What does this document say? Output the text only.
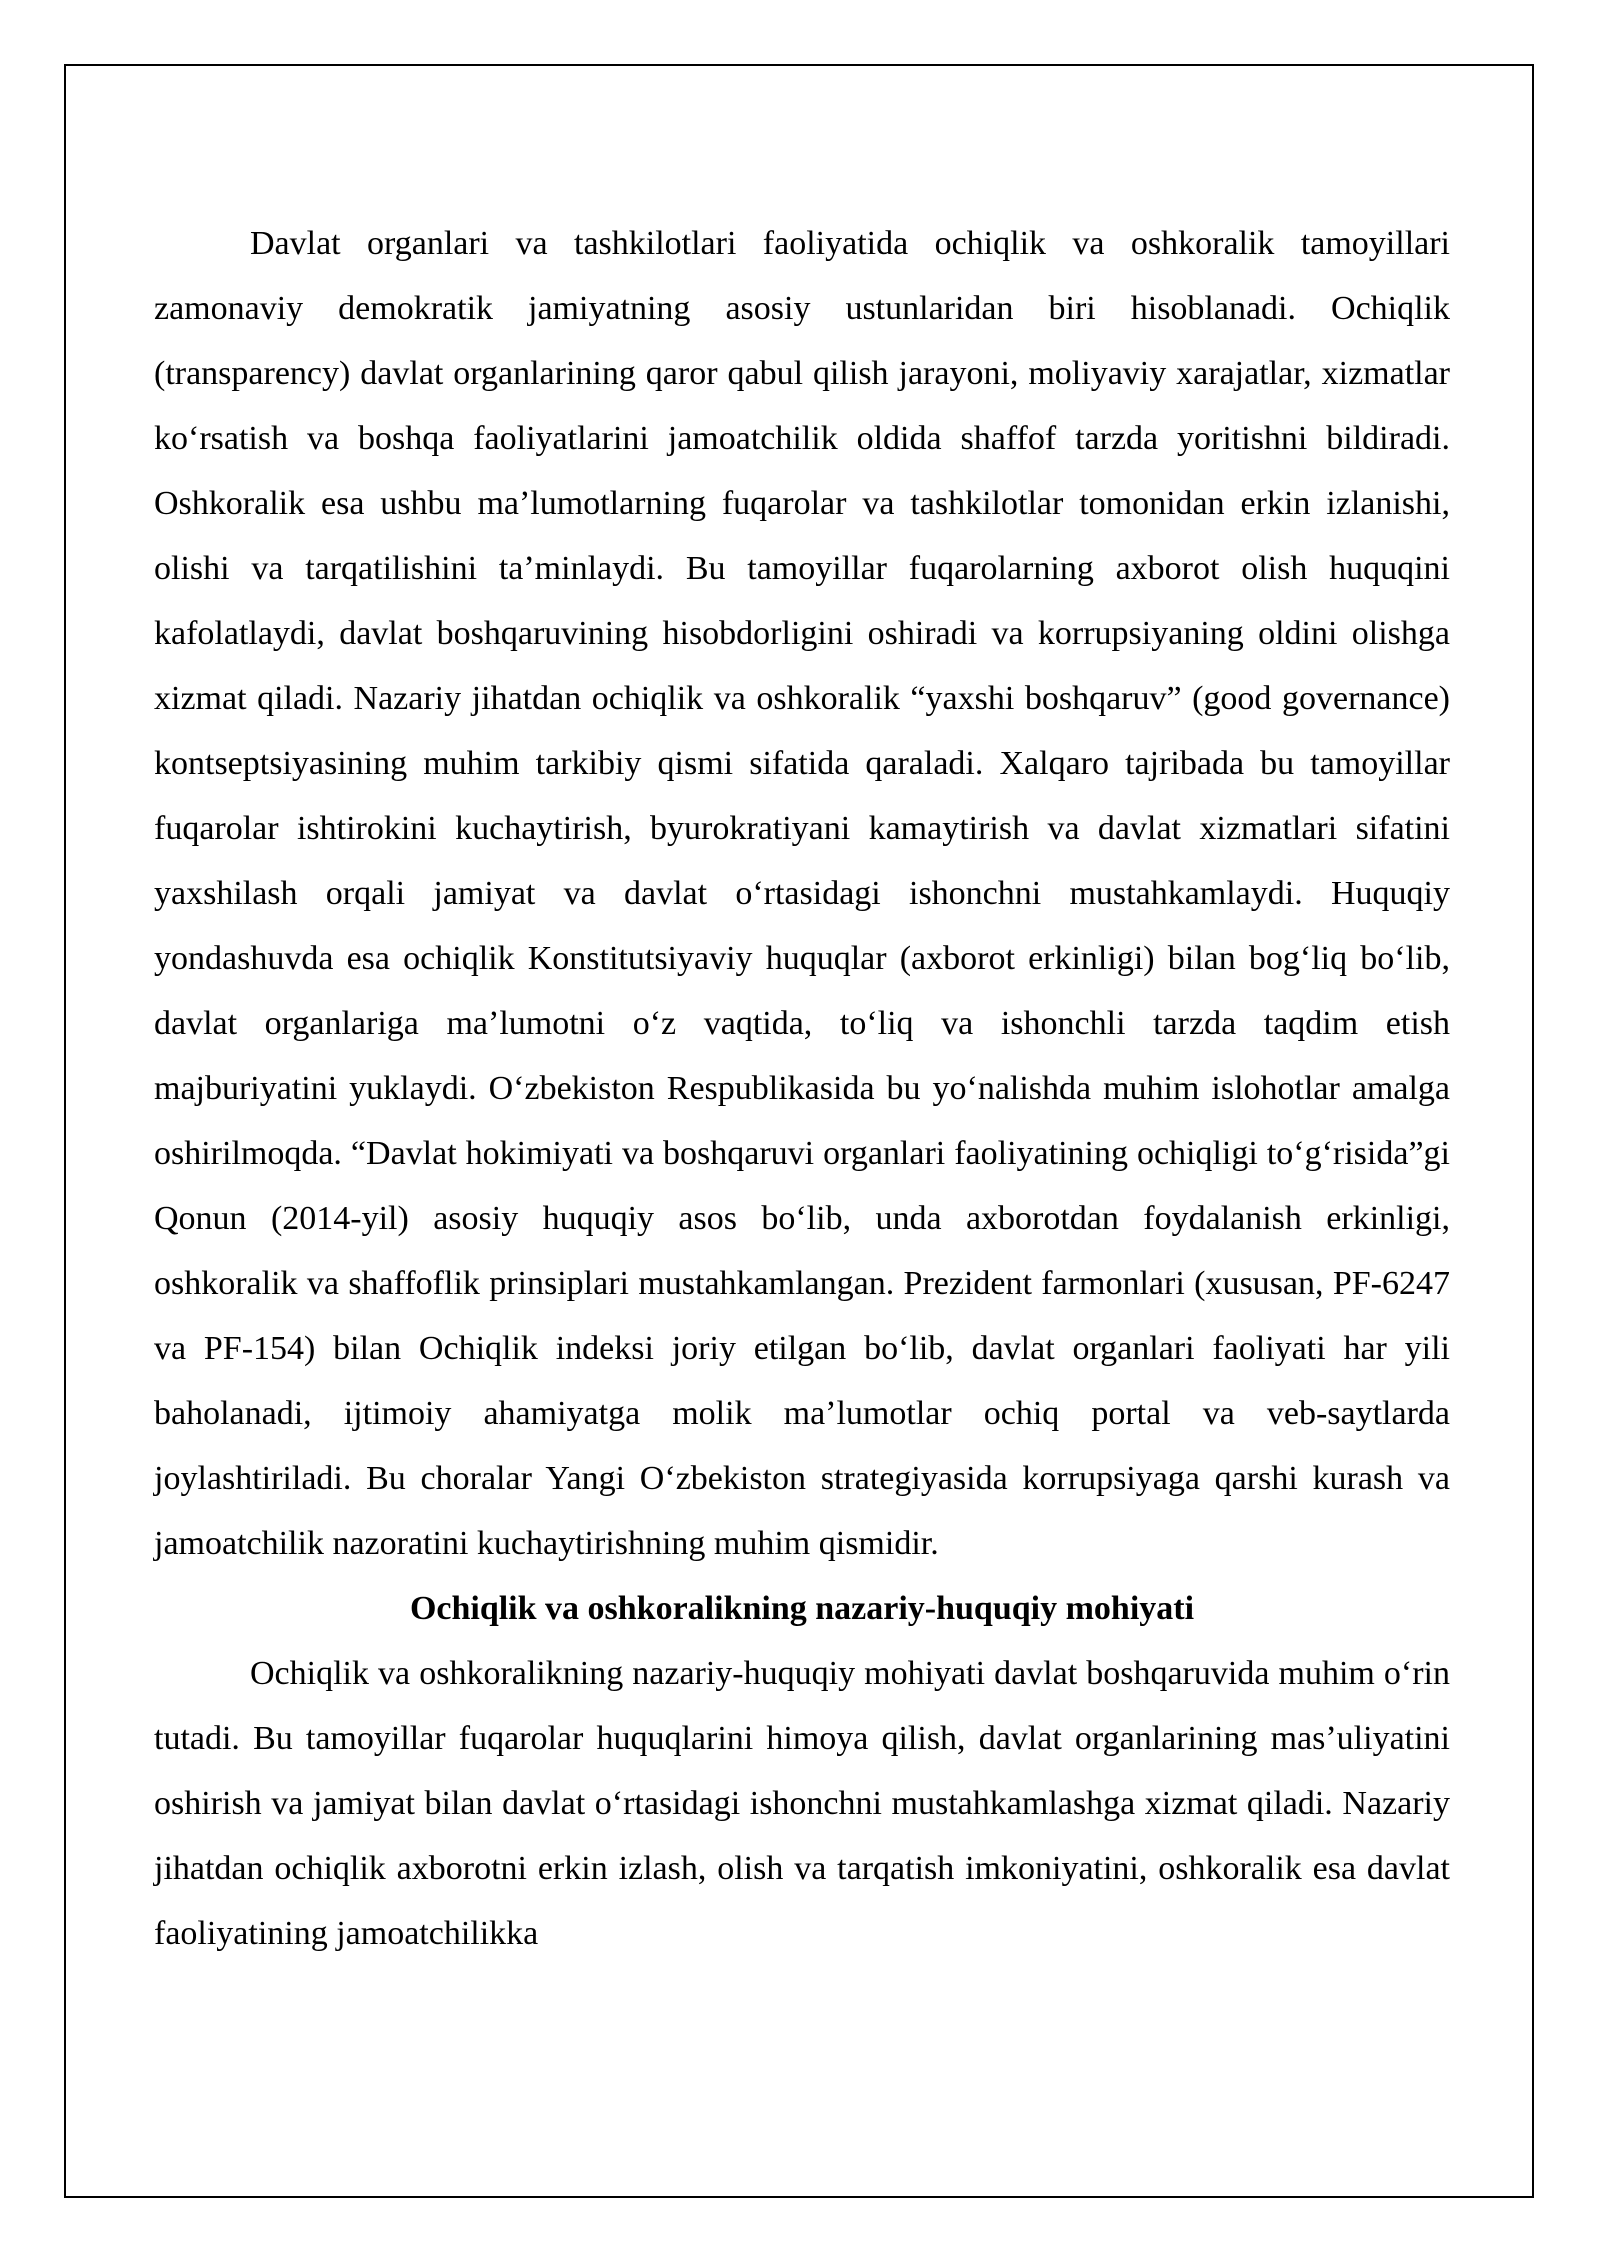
Davlat organlari va tashkilotlari faoliyatida ochiqlik va oshkoralik tamoyillari zamonaviy demokratik jamiyatning asosiy ustunlaridan biri hisoblanadi. Ochiqlik (transparency) davlat organlarining qaror qabul qilish jarayoni, moliyaviy xarajatlar, xizmatlar koʻrsatish va boshqa faoliyatlarini jamoatchilik oldida shaffof tarzda yoritishni bildiradi. Oshkoralik esa ushbu maʼlumotlarning fuqarolar va tashkilotlar tomonidan erkin izlanishi, olishi va tarqatilishini taʼminlaydi. Bu tamoyillar fuqarolarning axborot olish huquqini kafolatlaydi, davlat boshqaruvining hisobdorligini oshiradi va korrupsiyaning oldini olishga xizmat qiladi. Nazariy jihatdan ochiqlik va oshkoralik “yaxshi boshqaruv” (good governance) kontseptsiyasining muhim tarkibiy qismi sifatida qaraladi. Xalqaro tajribada bu tamoyillar fuqarolar ishtirokini kuchaytirish, byurokratiyani kamaytirish va davlat xizmatlari sifatini yaxshilash orqali jamiyat va davlat oʻrtasidagi ishonchni mustahkamlaydi. Huquqiy yondashuvda esa ochiqlik Konstitutsiyaviy huquqlar (axborot erkinligi) bilan bogʻliq boʻlib, davlat organlariga maʼlumotni oʻz vaqtida, toʻliq va ishonchli tarzda taqdim etish majburiyatini yuklaydi. Oʻzbekiston Respublikasida bu yoʻnalishda muhim islohotlar amalga oshirilmoqda. “Davlat hokimiyati va boshqaruvi organlari faoliyatining ochiqligi toʻgʻrisida”gi Qonun (2014-yil) asosiy huquqiy asos boʻlib, unda axborotdan foydalanish erkinligi, oshkoralik va shaffoflik prinsiplari mustahkamlangan. Prezident farmonlari (xususan, PF-6247 va PF-154) bilan Ochiqlik indeksi joriy etilgan boʻlib, davlat organlari faoliyati har yili baholanadi, ijtimoiy ahamiyatga molik maʼlumotlar ochiq portal va veb-saytlarda joylashtiriladi. Bu choralar Yangi Oʻzbekiston strategiyasida korrupsiyaga qarshi kurash va jamoatchilik nazoratini kuchaytirishning muhim qismidir.

Ochiqlik va oshkoralikning nazariy-huquqiy mohiyati

Ochiqlik va oshkoralikning nazariy-huquqiy mohiyati davlat boshqaruvida muhim oʻrin tutadi. Bu tamoyillar fuqarolar huquqlarini himoya qilish, davlat organlarining masʼuliyatini oshirish va jamiyat bilan davlat oʻrtasidagi ishonchni mustahkamlashga xizmat qiladi. Nazariy jihatdan ochiqlik axborotni erkin izlash, olish va tarqatish imkoniyatini, oshkoralik esa davlat faoliyatining jamoatchilikka
